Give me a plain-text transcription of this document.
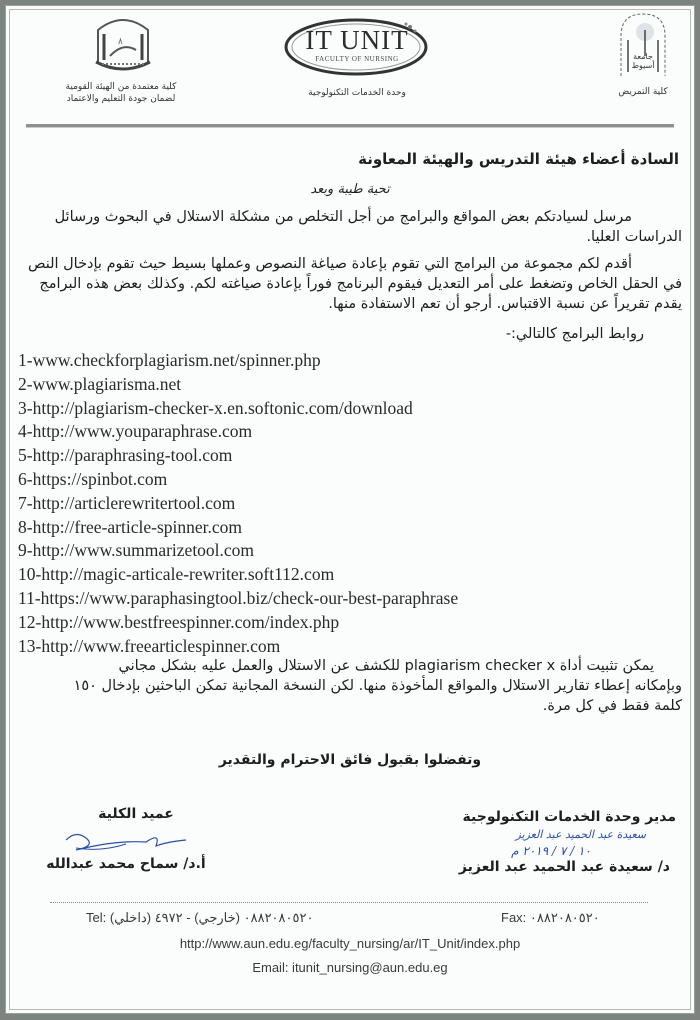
٨
كلية معتمدة من الهيئة القومية
لضمان جودة التعليم والاعتماد
IT UNIT
FACULTY OF NURSING
وحدة الخدمات التكنولوجية
جامعة
أسيوط
كلية التمريض
السادة أعضاء هيئة التدريس والهيئة المعاونة
تحية طيبة وبعد
مرسل لسيادتكم بعض المواقع والبرامج من أجل التخلص من مشكلة الاستلال في البحوث ورسائل الدراسات العليا.
أقدم لكم مجموعة من البرامج التي تقوم بإعادة صياغة النصوص وعملها بسيط حيث تقوم بإدخال النص في الحقل الخاص وتضغط على أمر التعديل فيقوم البرنامج فوراً بإعادة صياغته لكم. وكذلك بعض هذه البرامج يقدم تقريراً عن نسبة الاقتباس. أرجو أن تعم الاستفادة منها.
روابط البرامج كالتالي:-
1-www.checkforplagiarism.net/spinner.php
2-www.plagiarisma.net
3-http://plagiarism-checker-x.en.softonic.com/download
4-http://www.youparaphrase.com
5-http://paraphrasing-tool.com
6-https://spinbot.com
7-http://articlerewritertool.com
8-http://free-article-spinner.com
9-http://www.summarizetool.com
10-http://magic-articale-rewriter.soft112.com
11-https://www.paraphasingtool.biz/check-our-best-paraphrase
12-http://www.bestfreespinner.com/index.php
13-http://www.freearticlespinner.com
يمكن تثبيت أداة plagiarism checker x للكشف عن الاستلال والعمل عليه بشكل مجاني
وبإمكانه إعطاء تقارير الاستلال والمواقع المأخوذة منها. لكن النسخة المجانية تمكن الباحثين بإدخال ١٥٠
كلمة فقط في كل مرة.
وتفضلوا بقبول فائق الاحترام والتقدير
عميد الكلية
أ.د/ سماح محمد عبدالله
مدير وحدة الخدمات التكنولوجية
سعيدة عبد الحميد عبد العزيز
١٠ / ٧ / ٢٠١٩ م
د/ سعيدة عبد الحميد عبد العزيز
Tel: ٠٨٨٢٠٨٠٥٢٠ (خارجي) - ٤٩٧٢ (داخلي)	Fax: ٠٨٨٢٠٨٠٥٢٠
http://www.aun.edu.eg/faculty_nursing/ar/IT_Unit/index.php
Email: itunit_nursing@aun.edu.eg
